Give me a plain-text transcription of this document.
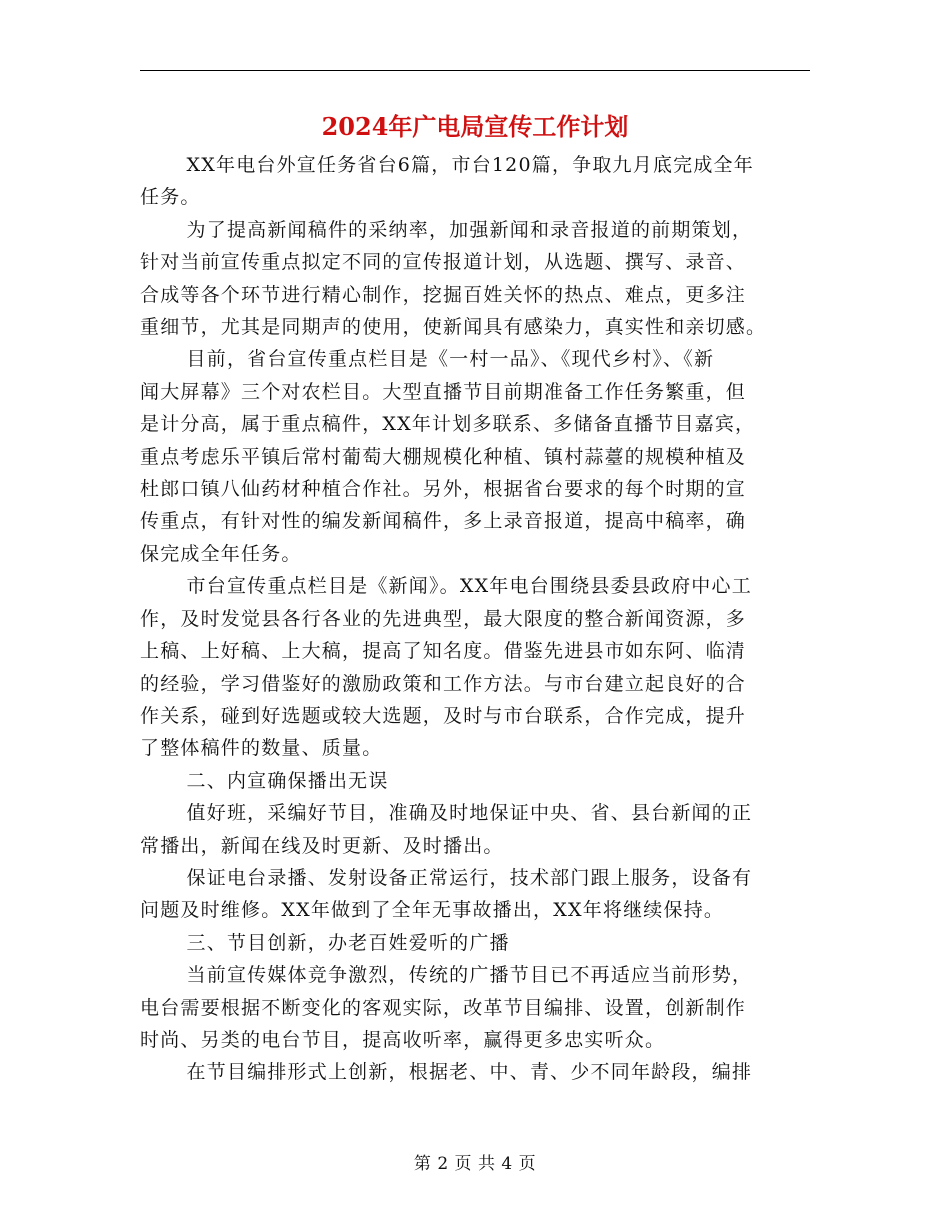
2024年广电局宣传工作计划

XX年电台外宣任务省台6篇，市台120篇，争取九月底完成全年
任务。

为了提高新闻稿件的采纳率，加强新闻和录音报道的前期策划，
针对当前宣传重点拟定不同的宣传报道计划，从选题、撰写、录音、
合成等各个环节进行精心制作，挖掘百姓关怀的热点、难点，更多注
重细节，尤其是同期声的使用，使新闻具有感染力，真实性和亲切感。

目前，省台宣传重点栏目是《一村一品》、《现代乡村》、《新
闻大屏幕》三个对农栏目。大型直播节目前期准备工作任务繁重，但
是计分高，属于重点稿件，XX年计划多联系、多储备直播节目嘉宾，
重点考虑乐平镇后常村葡萄大棚规模化种植、镇村蒜薹的规模种植及
杜郎口镇八仙药材种植合作社。另外，根据省台要求的每个时期的宣
传重点，有针对性的编发新闻稿件，多上录音报道，提高中稿率，确
保完成全年任务。

市台宣传重点栏目是《新闻》。XX年电台围绕县委县政府中心工
作，及时发觉县各行各业的先进典型，最大限度的整合新闻资源，多
上稿、上好稿、上大稿，提高了知名度。借鉴先进县市如东阿、临清
的经验，学习借鉴好的激励政策和工作方法。与市台建立起良好的合
作关系，碰到好选题或较大选题，及时与市台联系，合作完成，提升
了整体稿件的数量、质量。

二、内宣确保播出无误

值好班，采编好节目，准确及时地保证中央、省、县台新闻的正
常播出，新闻在线及时更新、及时播出。

保证电台录播、发射设备正常运行，技术部门跟上服务，设备有
问题及时维修。XX年做到了全年无事故播出，XX年将继续保持。

三、节目创新，办老百姓爱听的广播

当前宣传媒体竞争激烈，传统的广播节目已不再适应当前形势，
电台需要根据不断变化的客观实际，改革节目编排、设置，创新制作
时尚、另类的电台节目，提高收听率，赢得更多忠实听众。

在节目编排形式上创新，根据老、中、青、少不同年龄段，编排

第 2 页 共 4 页
